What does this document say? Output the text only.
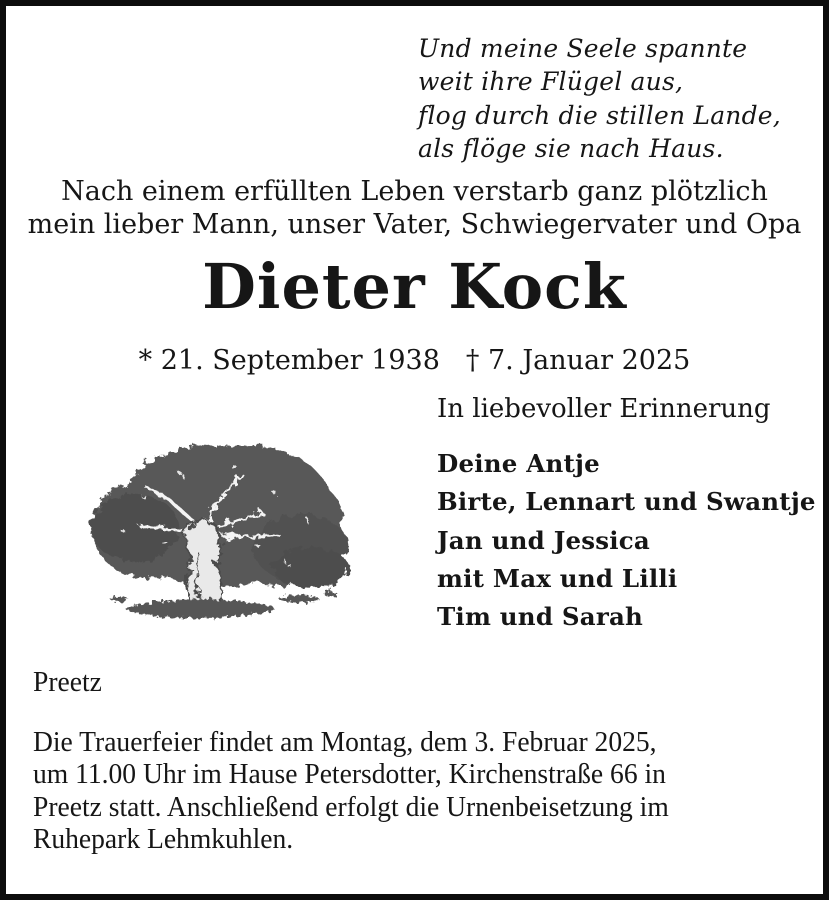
Und meine Seele spannte
weit ihre Flügel aus,
flog durch die stillen Lande,
als flöge sie nach Haus.
Nach einem erfüllten Leben verstarb ganz plötzlich
mein lieber Mann, unser Vater, Schwiegervater und Opa
Dieter Kock
* 21. September 1938 † 7. Januar 2025
In liebevoller Erinnerung
Deine Antje
Birte, Lennart und Swantje
Jan und Jessica
mit Max und Lilli
Tim und Sarah
Preetz
Die Trauerfeier findet am Montag, dem 3. Februar 2025,
um 11.00 Uhr im Hause Petersdotter, Kirchenstraße 66 in
Preetz statt. Anschließend erfolgt die Urnenbeisetzung im
Ruhepark Lehmkuhlen.
